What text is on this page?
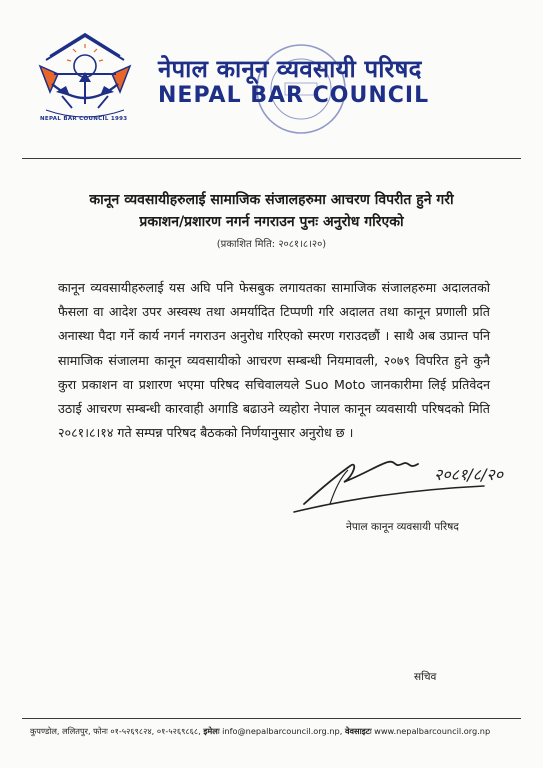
NEPAL BAR COUNCIL 1993
नेपाल कानून व्यवसायी परिषद
NEPAL BAR COUNCIL
कानून व्यवसायीहरुलाई सामाजिक संजालहरुमा आचरण विपरीत हुने गरी
प्रकाशन/प्रशारण नगर्न नगराउन पुनः अनुरोध गरिएको
(प्रकाशित मिति: २०८१।८।२०)
कानून व्यवसायीहरुलाई यस अघि पनि फेसबुक लगायतका सामाजिक संजालहरुमा अदालतको फैसला वा आदेश उपर अस्वस्थ तथा अमर्यादित टिप्पणी गरि अदालत तथा कानून प्रणाली प्रति अनास्था पैदा गर्ने कार्य नगर्न नगराउन अनुरोध गरिएको स्मरण गराउदछौं । साथै अब उप्रान्त पनि सामाजिक संजालमा कानून व्यवसायीको आचरण सम्बन्धी नियमावली, २०७९ विपरित हुने कुनै कुरा प्रकाशन वा प्रशारण भएमा परिषद सचिवालयले Suo Moto जानकारीमा लिई प्रतिवेदन उठाई आचरण सम्बन्धी कारवाही अगाडि बढाउने व्यहोरा नेपाल कानून व्यवसायी परिषदको मिति २०८१।८।१४ गते सम्पन्न परिषद बैठकको निर्णयानुसार अनुरोध छ ।
२०८१/८/२०
नेपाल कानून व्यवसायी परिषद
सचिव
कुपण्डोल, ललितपुर, फोनः ०१-५२६९८२४, ०१-५२६९८६८, इमेलः info@nepalbarcouncil.org.np, वेवसाइटः www.nepalbarcouncil.org.np
